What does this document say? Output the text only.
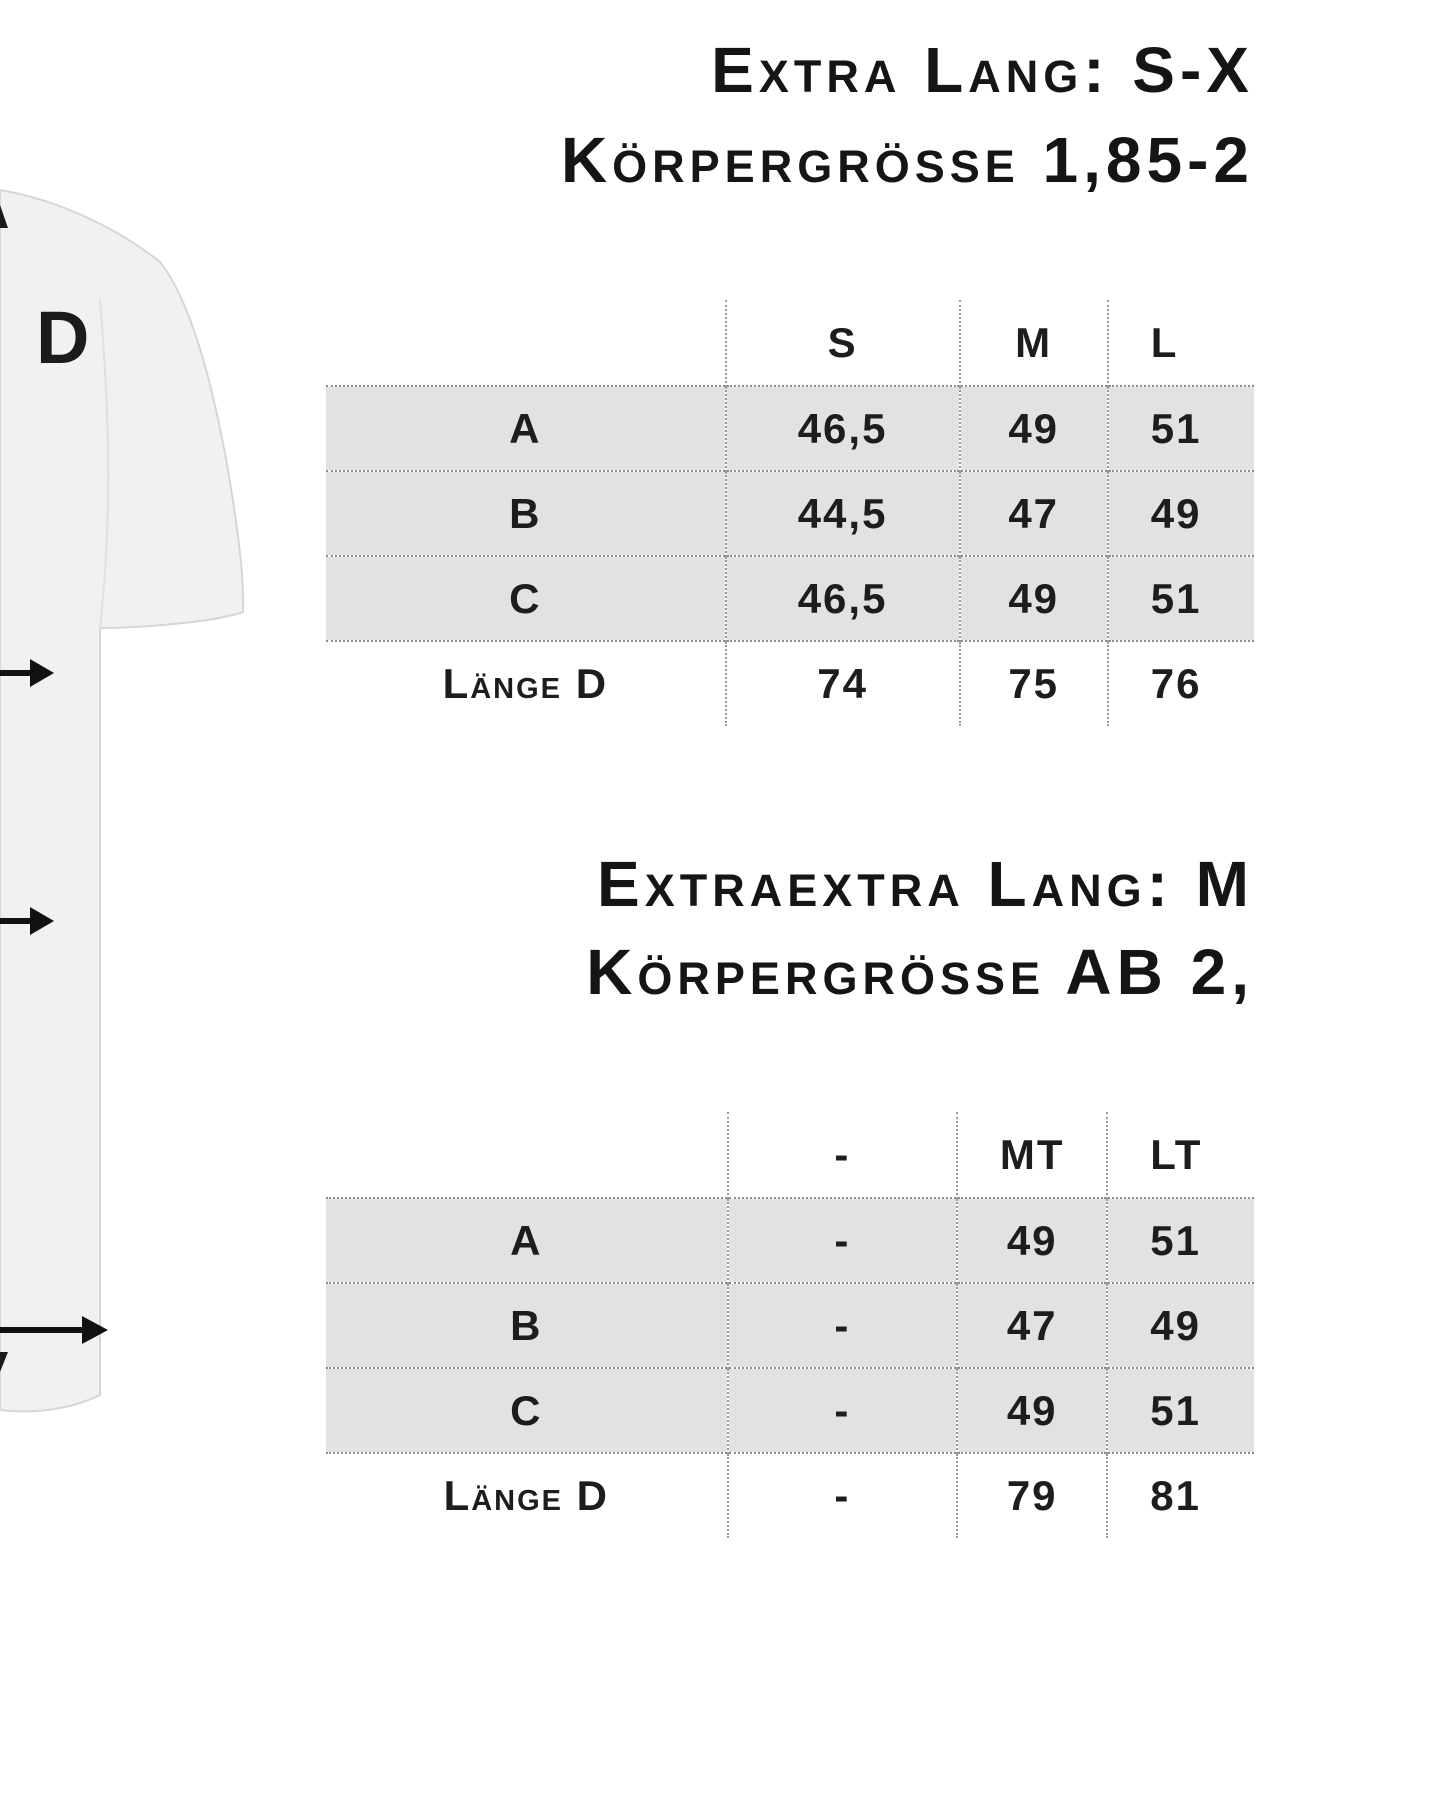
D
Extra Lang: S-X
Körpergrösse 1,85-2
	S	M	L
A	46,5	49	51
B	44,5	47	49
C	46,5	49	51
Länge D	74	75	76
Extraextra Lang: M
Körpergrösse AB 2,
	-	MT	LT
A	-	49	51
B	-	47	49
C	-	49	51
Länge D	-	79	81
